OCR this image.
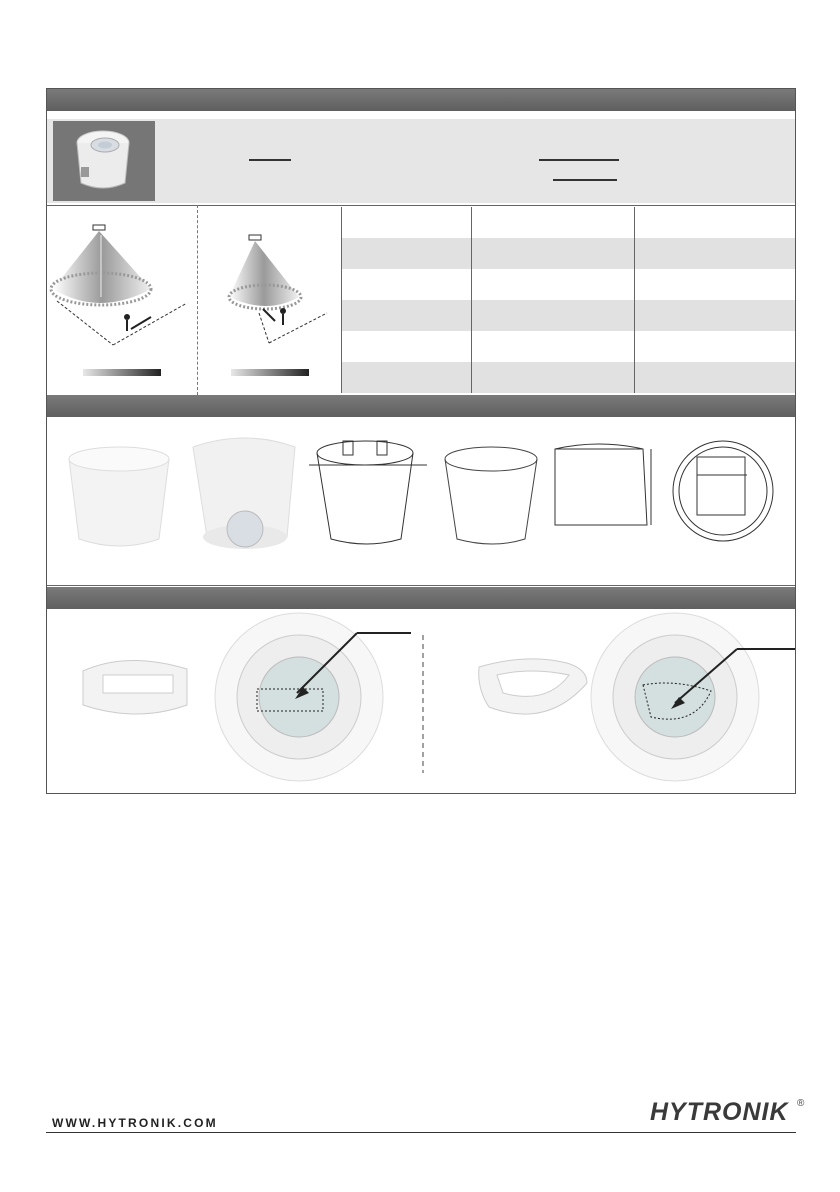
WWW.HYTRONIK.COM	HYTRONIK ®
